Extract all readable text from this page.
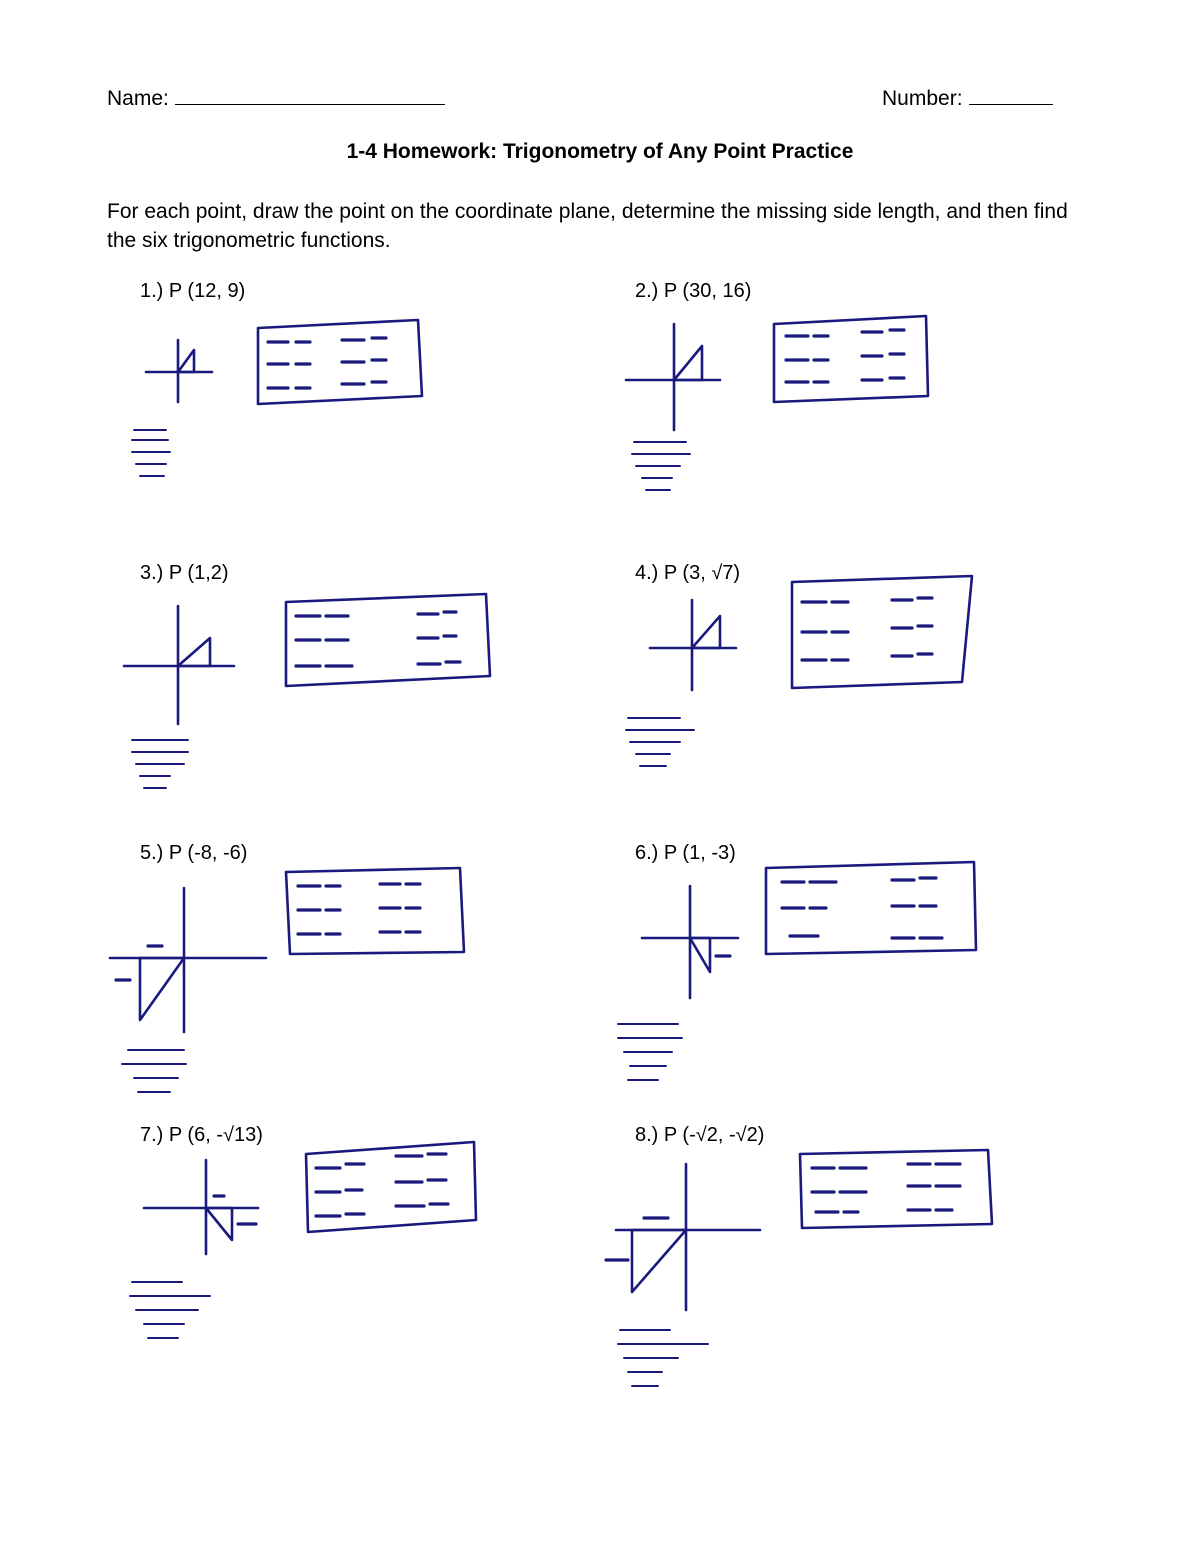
Name:	Number:
1-4 Homework: Trigonometry of Any Point Practice
For each point, draw the point on the coordinate plane, determine the missing side length, and then find the six trigonometric functions.
1.) P (12, 9)	2.) P (30, 16)
3.) P (1,2)	4.) P (3, √7)
5.) P (-8, -6)	6.) P (1, -3)
7.) P (6, -√13)	8.) P (-√2, -√2)
